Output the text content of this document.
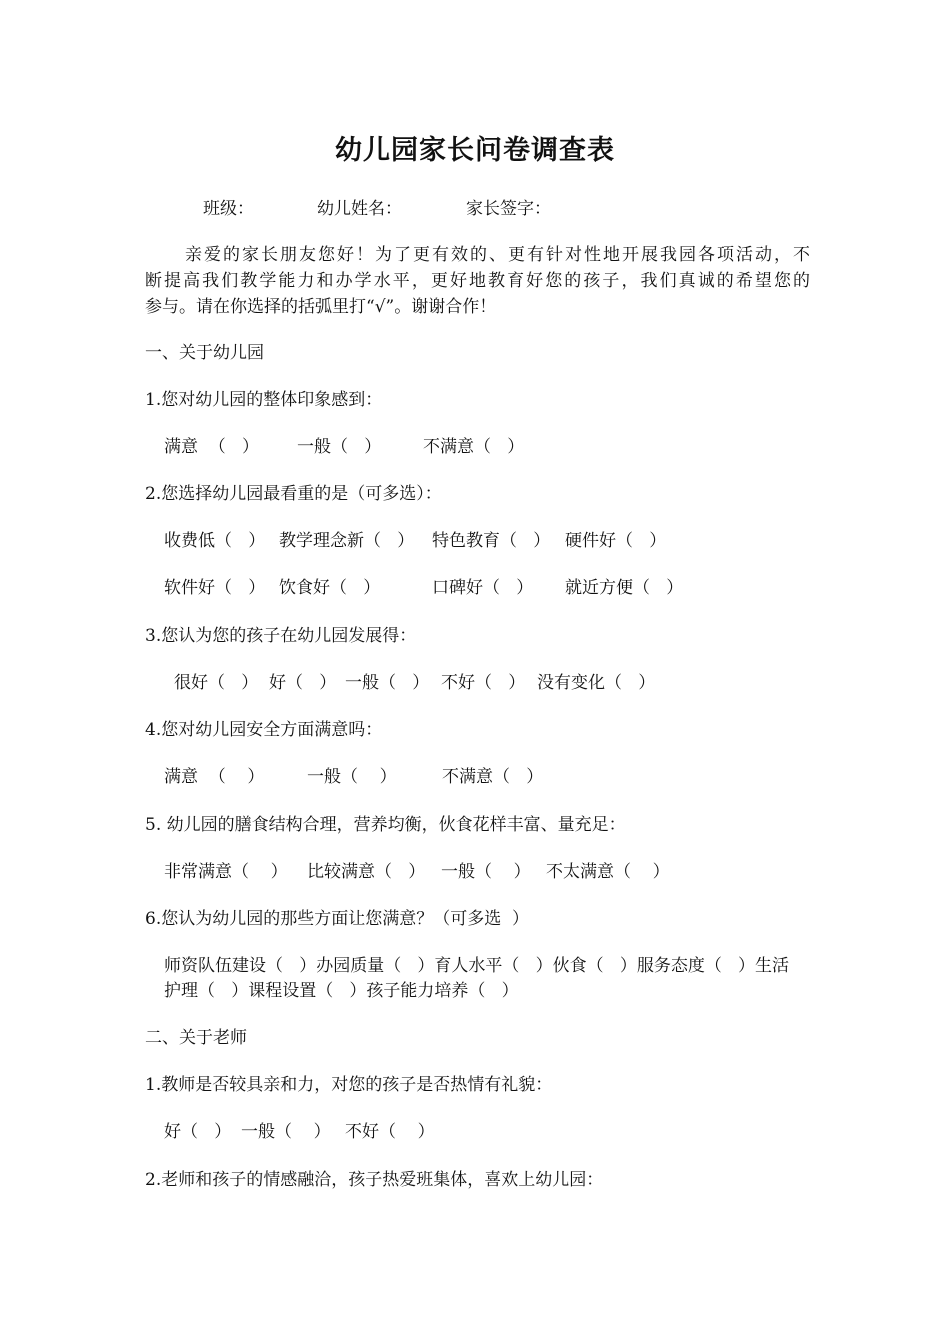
幼儿园家长问卷调查表
班级：	幼儿姓名：	家长签字：

亲爱的家长朋友您好！为了更有效的、更有针对性地开展我园各项活动，不

断提高我们教学能力和办学水平，更好地教育好您的孩子，我们真诚的希望您的

参与。请在你选择的括弧里打“√”。谢谢合作！

一、关于幼儿园
1.您对幼儿园的整体印象感到：
满意  （   ） 一般（   ） 不满意（   ）
2.您选择幼儿园最看重的是（可多选）：
收费低（   ） 教学理念新（   ） 特色教育（   ） 硬件好（   ）
软件好（   ） 饮食好（   ）	口碑好（   ） 就近方便（   ）
3.您认为您的孩子在幼儿园发展得：
很好（   ） 好（   ） 一般（   ） 不好（   ） 没有变化（   ）
4.您对幼儿园安全方面满意吗：
满意  （    ）	一般（    ）	不满意（   ）
5. 幼儿园的膳食结构合理，营养均衡，伙食花样丰富、量充足：
非常满意（    ） 比较满意（   ） 一般（    ） 不太满意（    ）
6.您认为幼儿园的那些方面让您满意？（可多选  ）
师资队伍建设（   ）办园质量（   ）育人水平（   ）伙食（   ）服务态度（   ）生活
护理（   ）课程设置（   ）孩子能力培养（   ）
二、关于老师
1.教师是否较具亲和力，对您的孩子是否热情有礼貌：
好（   ） 一般（    ） 不好（    ）
2.老师和孩子的情感融洽，孩子热爱班集体，喜欢上幼儿园：
